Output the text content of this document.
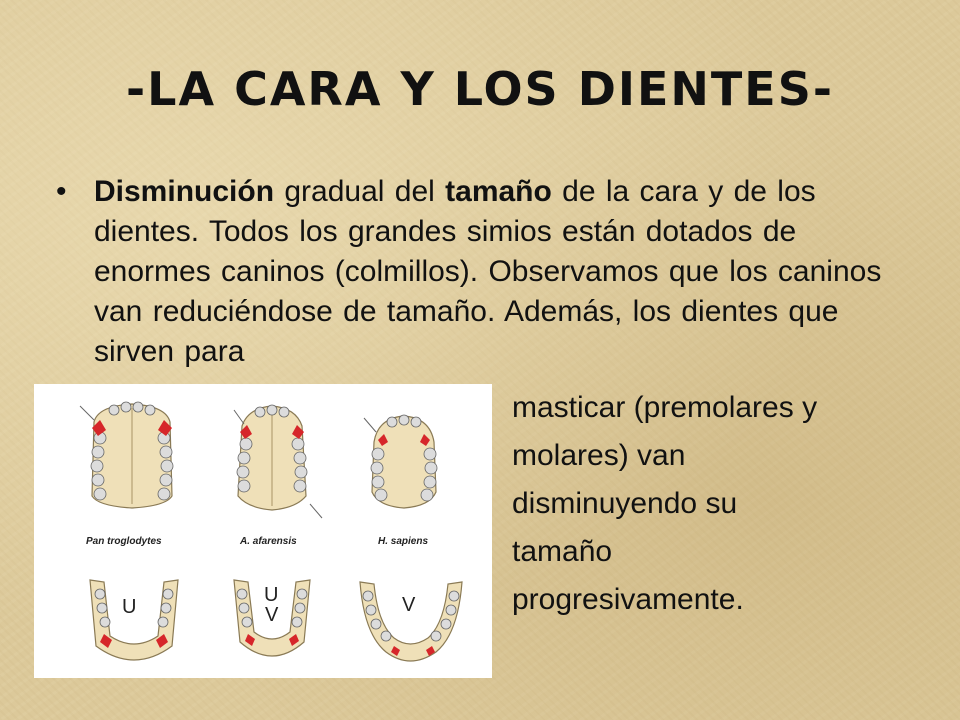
-LA CARA Y LOS DIENTES-
• Disminución gradual del tamaño de la cara y de los dientes. Todos los grandes simios están dotados de enormes caninos (colmillos). Observamos que los caninos van reduciéndose de tamaño. Además, los dientes que sirven para
masticar (premolares y
molares) van
disminuyendo su
tamaño
progresivamente.
Pan troglodytes	A. afarensis	H. sapiens
U
U
V	V
